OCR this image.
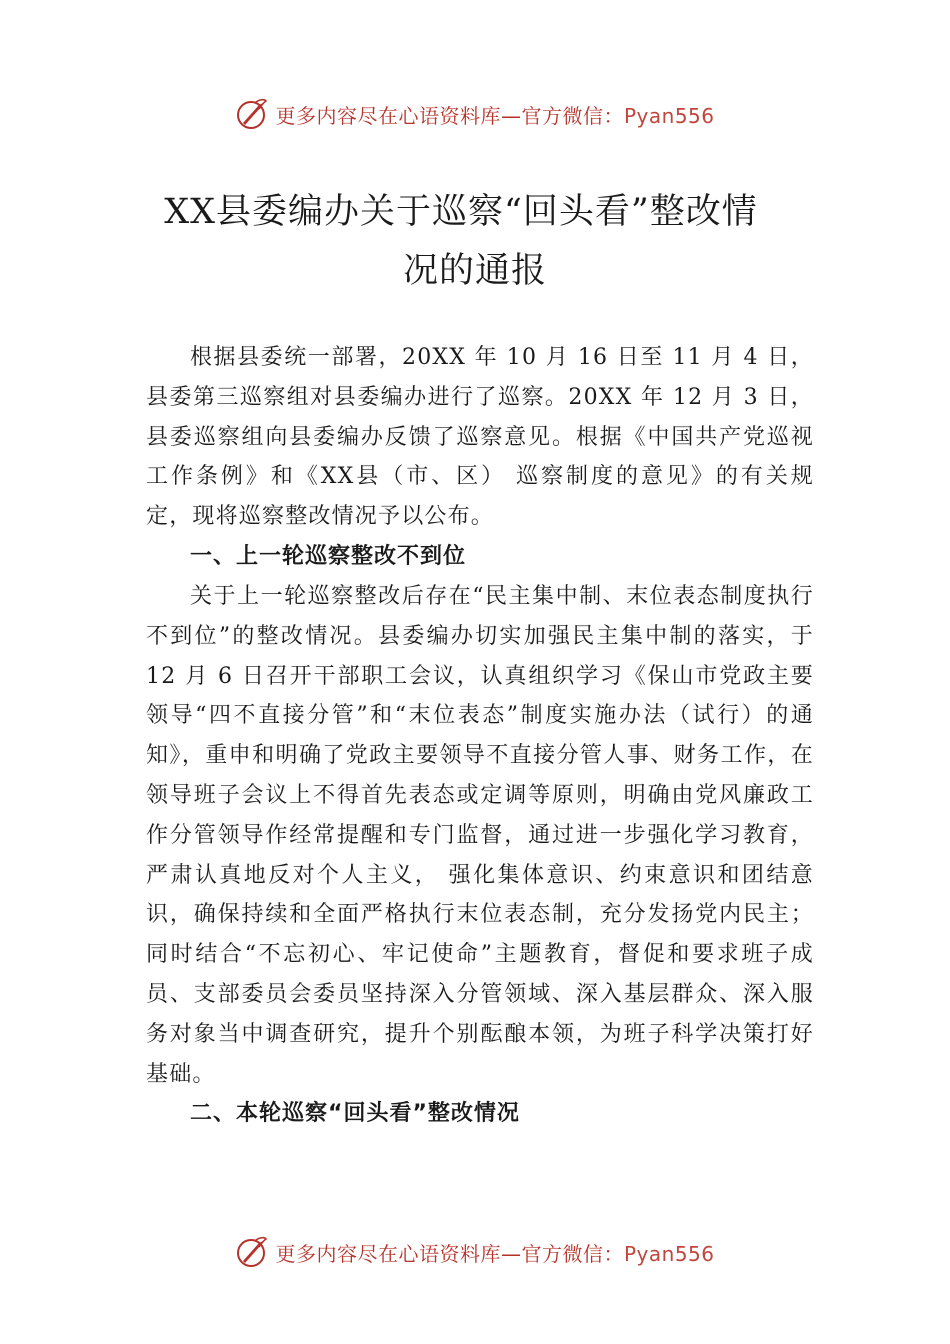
更多内容尽在心语资料库—官方微信：Pyan556
XX县委编办关于巡察“回头看”整改情
况的通报

根据县委统一部署，20XX 年 10 月 16 日至 11 月 4 日，县委第三巡察组对县委编办进行了巡察。20XX 年 12 月 3 日，县委巡察组向县委编办反馈了巡察意见。根据《中国共产党巡视工作条例》和《XX县（市、区） 巡察制度的意见》的有关规定，现将巡察整改情况予以公布。

一、上一轮巡察整改不到位

关于上一轮巡察整改后存在“民主集中制、末位表态制度执行不到位”的整改情况。县委编办切实加强民主集中制的落实，于 12 月 6 日召开干部职工会议，认真组织学习《保山市党政主要领导“四不直接分管”和“末位表态”制度实施办法（试行）的通知》，重申和明确了党政主要领导不直接分管人事、财务工作，在领导班子会议上不得首先表态或定调等原则，明确由党风廉政工作分管领导作经常提醒和专门监督，通过进一步强化学习教育，严肃认真地反对个人主义， 强化集体意识、约束意识和团结意识，确保持续和全面严格执行末位表态制，充分发扬党内民主；同时结合“不忘初心、牢记使命”主题教育，督促和要求班子成员、支部委员会委员坚持深入分管领域、深入基层群众、深入服务对象当中调查研究，提升个别酝酿本领，为班子科学决策打好基础。

二、本轮巡察“回头看”整改情况
更多内容尽在心语资料库—官方微信：Pyan556
